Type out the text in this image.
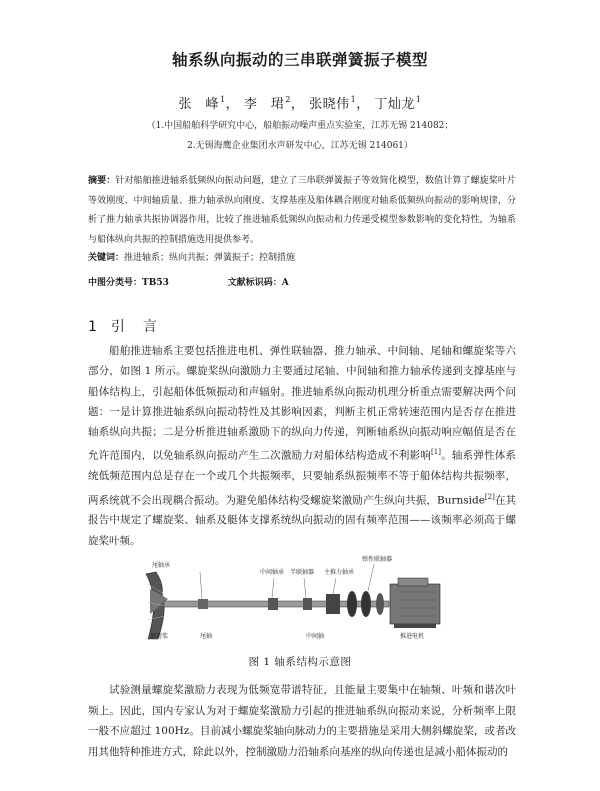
轴系纵向振动的三串联弹簧振子模型
张　峰$^1$， 李　珺$^2$， 张晓伟$^1$， 丁灿龙$^1$
（1.中国船舶科学研究中心，船舶振动噪声重点实验室，江苏无锡 214082；
2.无锡海鹰企业集团水声研发中心，江苏无锡 214061）
摘要：针对船舶推进轴系低频纵向振动问题，建立了三串联弹簧振子等效简化模型，数值计算了螺旋桨叶片等效刚度、中间轴质量、推力轴承纵向刚度、支撑基座及船体耦合刚度对轴系低频纵向振动的影响规律，分析了推力轴承共振协调器作用，比较了推进轴系低频纵向振动和力传递受模型参数影响的变化特性，为轴系与船体纵向共振的控制措施选用提供参考。
关键词：推进轴系；纵向共振；弹簧振子；控制措施
中图分类号：TB53	文献标识码：A
1 引　言
船舶推进轴系主要包括推进电机、弹性联轴器、推力轴承、中间轴、尾轴和螺旋桨等六部分，如图 1 所示。螺旋桨纵向激励力主要通过尾轴、中间轴和推力轴承传递到支撑基座与船体结构上，引起船体低频振动和声辐射。推进轴系纵向振动机理分析重点需要解决两个问题：一是计算推进轴系纵向振动特性及其影响因素，判断主机正常转速范围内是否存在推进轴系纵向共振；二是分析推进轴系激励下的纵向力传递，判断轴系纵向振动响应幅值是否在允许范围内，以免轴系纵向振动产生二次激励力对船体结构造成不利影响[1]。轴系弹性体系统低频范围内总是存在一个或几个共振频率，只要轴系纵振频率不等于船体结构共振频率，两系统就不会出现耦合振动。为避免船体结构受螺旋桨激励产生纵向共振，Burnside[2]在其报告中规定了螺旋桨、轴系及艇体支撑系统纵向振动的固有频率范围——该频率必须高于螺旋桨叶频。
尾轴承
中间轴承 半联轴器 主推力轴承
弹性联轴器
螺旋桨	尾轴	中间轴	推进电机
图 1 轴系结构示意图
试验测量螺旋桨激励力表现为低频宽带谱特征，且能量主要集中在轴频、叶频和谐次叶频上。因此，国内专家认为对于螺旋桨激励力引起的推进轴系纵向振动来说，分析频率上限一般不应超过 100Hz。目前减小螺旋桨轴向脉动力的主要措施是采用大侧斜螺旋桨，或者改用其他特种推进方式，除此以外，控制激励力沿轴系向基座的纵向传递也是减小船体振动的
